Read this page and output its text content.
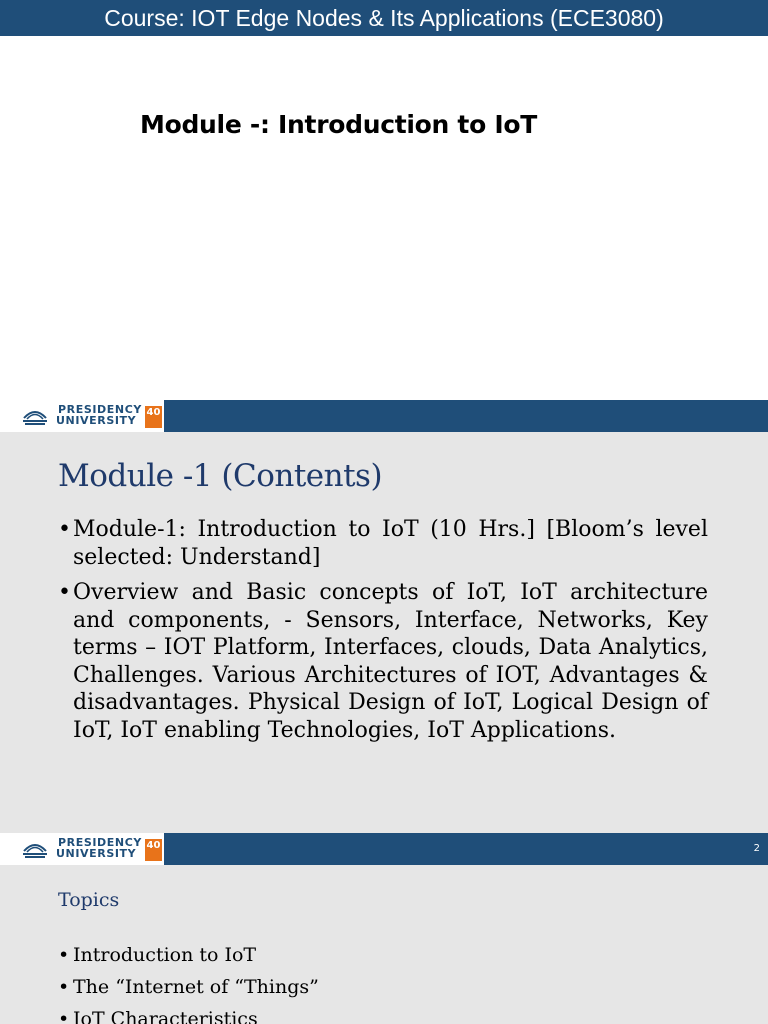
Course: IOT Edge Nodes & Its Applications (ECE3080)
Module -: Introduction to IoT
PRESIDENCY
UNIVERSITY
40
Module -1 (Contents)
• Module-1: Introduction to IoT (10 Hrs.] [Bloom’s level selected: Understand]
• Overview and Basic concepts of IoT, IoT architecture and components, - Sensors, Interface, Networks, Key terms – IOT Platform, Interfaces, clouds, Data Analytics, Challenges. Various Architectures of IOT, Advantages & disadvantages. Physical Design of IoT, Logical Design of IoT, IoT enabling Technologies, IoT Applications.
PRESIDENCY
UNIVERSITY
40	2
Topics
• Introduction to IoT
• The “Internet of “Things”
• IoT Characteristics
